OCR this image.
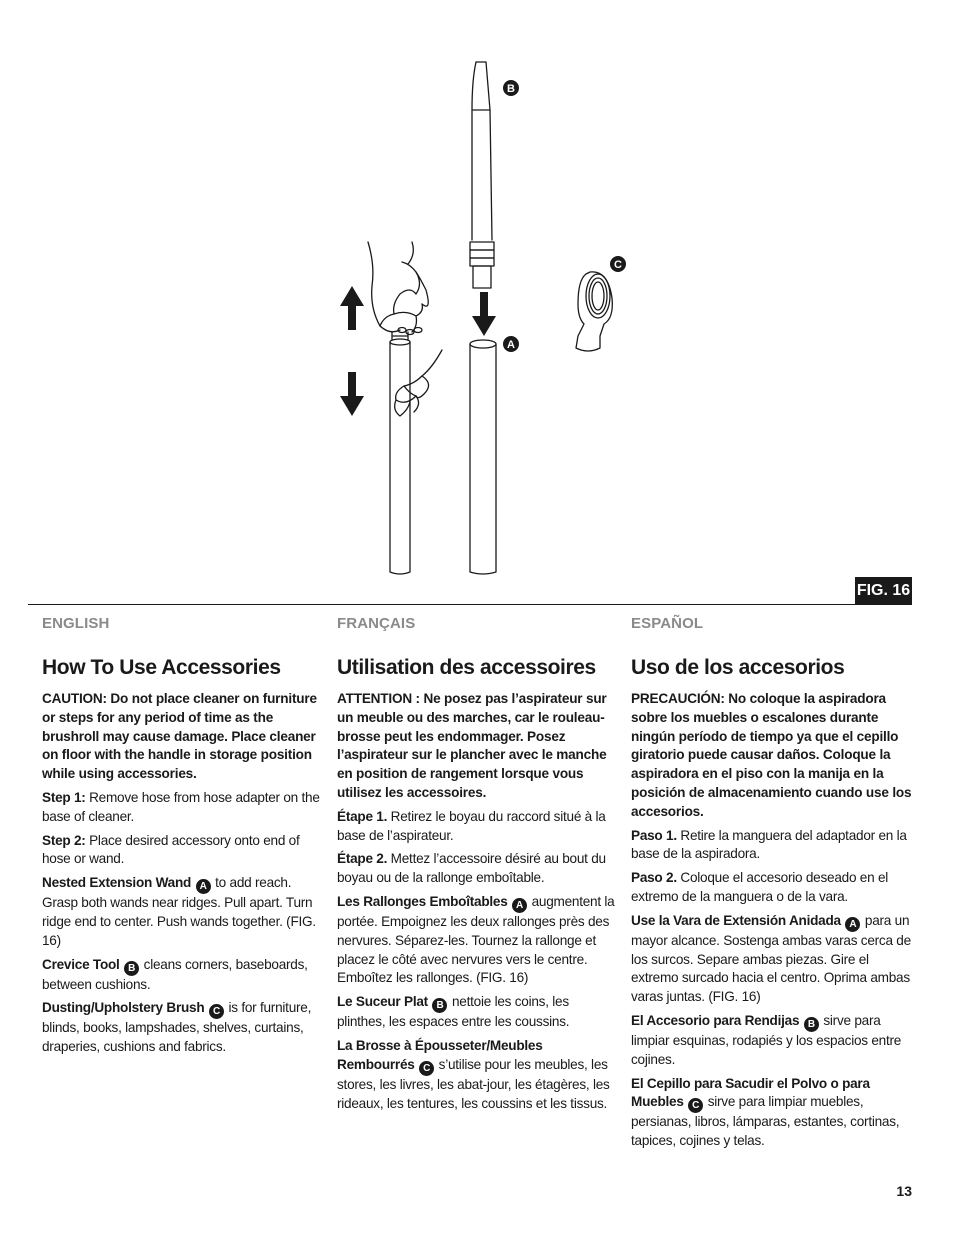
B
A
C
FIG. 16
ENGLISH
How To Use Accessories
CAUTION: Do not place cleaner on furniture or steps for any period of time as the brushroll may cause damage. Place cleaner on floor with the handle in storage position while using accessories.
Step 1: Remove hose from hose adapter on the base of cleaner.
Step 2: Place desired accessory onto end of hose or wand.
Nested Extension Wand A to add reach. Grasp both wands near ridges. Pull apart. Turn ridge end to center. Push wands together. (FIG. 16)
Crevice Tool B cleans corners, baseboards, between cushions.
Dusting/Upholstery Brush C is for furniture, blinds, books, lampshades, shelves, curtains, draperies, cushions and fabrics.
FRANÇAIS
Utilisation des accessoires
ATTENTION : Ne posez pas l’aspirateur sur un meuble ou des marches, car le rouleau-brosse peut les endommager. Posez l’aspirateur sur le plancher avec le manche en position de rangement lorsque vous utilisez les accessoires.
Étape 1. Retirez le boyau du raccord situé à la base de l’aspirateur.
Étape 2. Mettez l’accessoire désiré au bout du boyau ou de la rallonge emboîtable.
Les Rallonges Emboîtables A augmentent la portée. Empoignez les deux rallonges près des nervures. Séparez-les. Tournez la rallonge et placez le côté avec nervures vers le centre. Emboîtez les rallonges. (FIG. 16)
Le Suceur Plat B nettoie les coins, les plinthes, les espaces entre les coussins.
La Brosse à Épousseter/Meubles Rembourrés C s’utilise pour les meubles, les stores, les livres, les abat-jour, les étagères, les rideaux, les tentures, les coussins et les tissus.
ESPAÑOL
Uso de los accesorios
PRECAUCIÓN: No coloque la aspiradora sobre los muebles o escalones durante ningún período de tiempo ya que el cepillo giratorio puede causar daños. Coloque la aspiradora en el piso con la manija en la posición de almacenamiento cuando use los accesorios.
Paso 1. Retire la manguera del adaptador en la base de la aspiradora.
Paso 2. Coloque el accesorio deseado en el extremo de la manguera o de la vara.
Use la Vara de Extensión Anidada A para un mayor alcance. Sostenga ambas varas cerca de los surcos. Separe ambas piezas. Gire el extremo surcado hacia el centro. Oprima ambas varas juntas. (FIG. 16)
El Accesorio para Rendijas B sirve para limpiar esquinas, rodapiés y los espacios entre cojines.
El Cepillo para Sacudir el Polvo o para Muebles C sirve para limpiar muebles, persianas, libros, lámparas, estantes, cortinas, tapices, cojines y telas.
13
